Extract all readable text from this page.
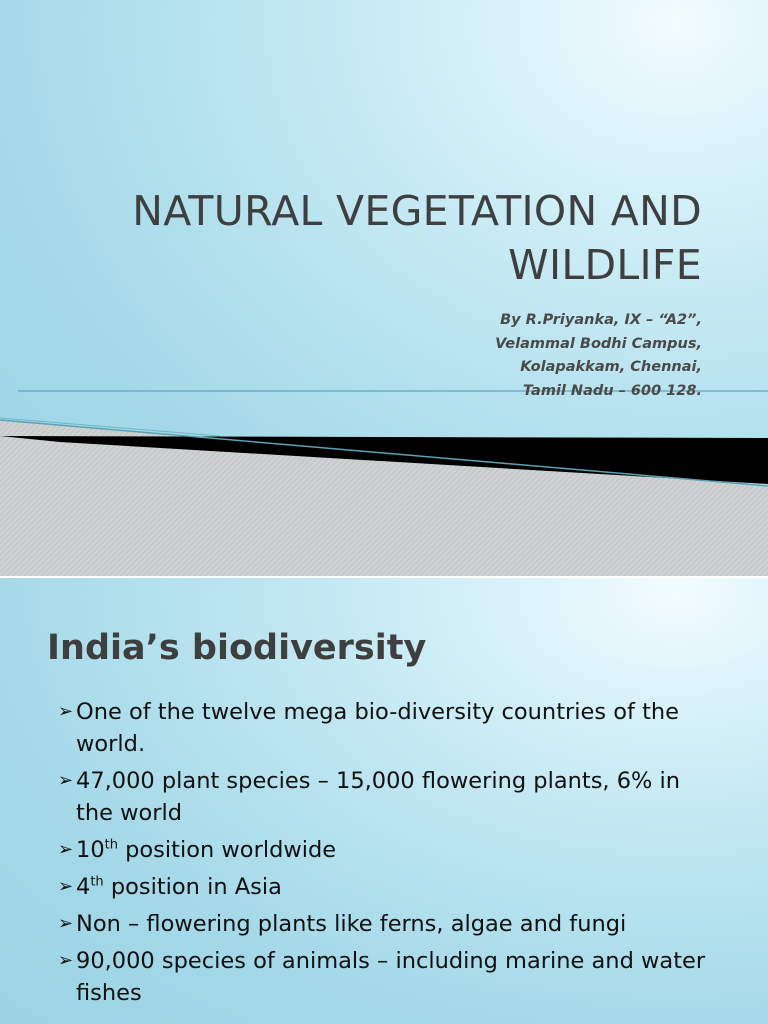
NATURAL VEGETATION AND
WILDLIFE
By R.Priyanka, IX – “A2”,
Velammal Bodhi Campus,
Kolapakkam, Chennai,
Tamil Nadu – 600 128.
India’s biodiversity
➢ One of the twelve mega bio-diversity countries of the world.
➢ 47,000 plant species – 15,000 flowering plants, 6% in the world
➢ 10th position worldwide
➢ 4th position in Asia
➢ Non – flowering plants like ferns, algae and fungi
➢ 90,000 species of animals – including marine and water fishes
